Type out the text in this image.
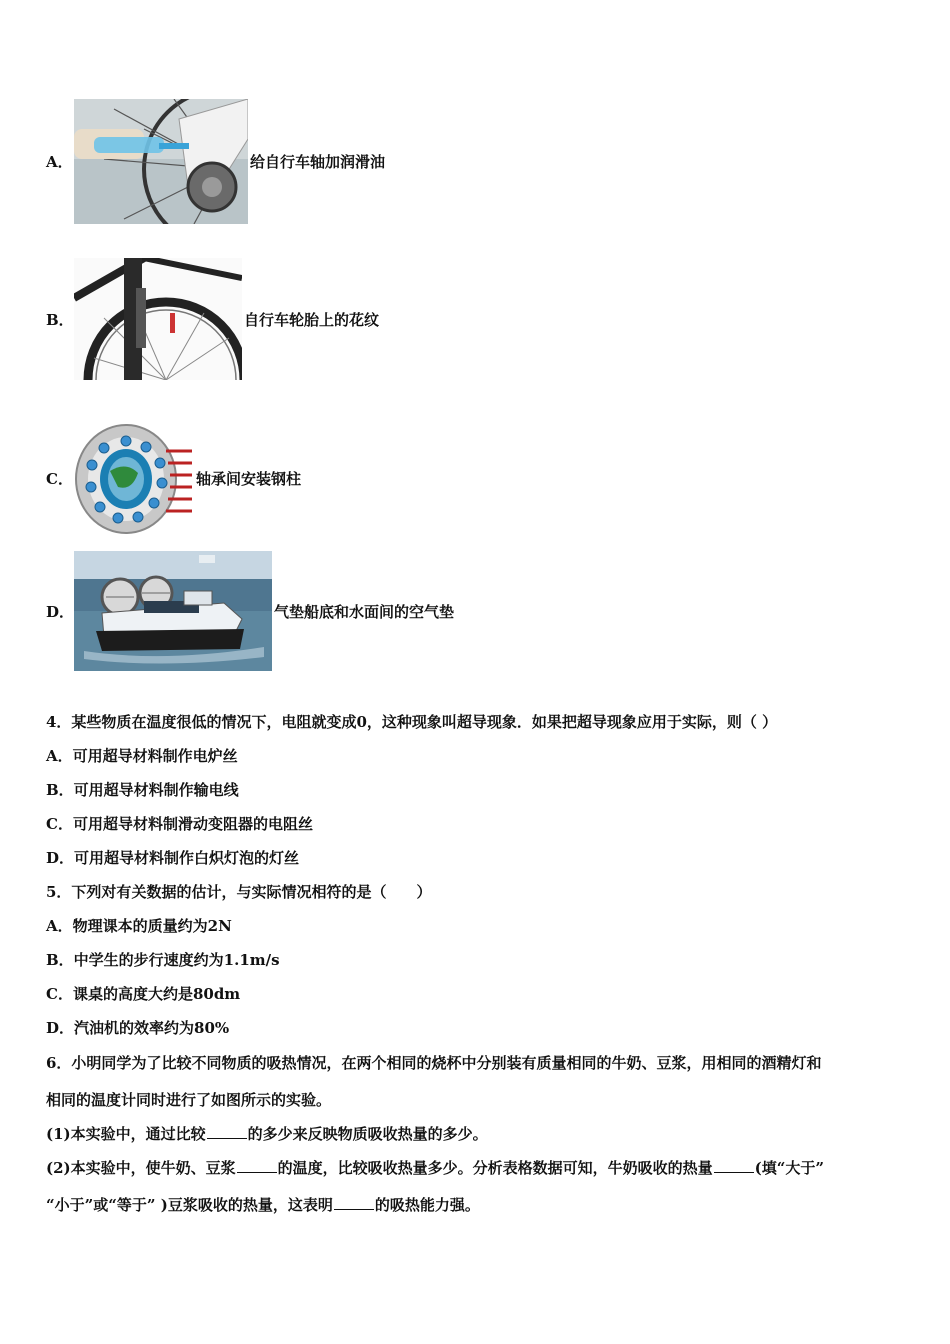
A．	给自行车轴加润滑油
B．	自行车轮胎上的花纹
C．	轴承间安装钢柱
D．	气垫船底和水面间的空气垫
4．某些物质在温度很低的情况下，电阻就变成0，这种现象叫超导现象．如果把超导现象应用于实际，则（ ）
A．可用超导材料制作电炉丝
B．可用超导材料制作输电线
C．可用超导材料制滑动变阻器的电阻丝
D．可用超导材料制作白炽灯泡的灯丝
5．下列对有关数据的估计，与实际情况相符的是（　　）
A．物理课本的质量约为2N
B．中学生的步行速度约为1.1m/s
C．课桌的高度大约是80dm
D．汽油机的效率约为80%
6．小明同学为了比较不同物质的吸热情况，在两个相同的烧杯中分别装有质量相同的牛奶、豆浆，用相同的酒精灯和
相同的温度计同时进行了如图所示的实验。
(1)本实验中，通过比较	的多少来反映物质吸收热量的多少。
(2)本实验中，使牛奶、豆浆	的温度，比较吸收热量多少。分析表格数据可知，牛奶吸收的热量	(填“大于”
“小于”或“等于” )豆浆吸收的热量，这表明	的吸热能力强。
